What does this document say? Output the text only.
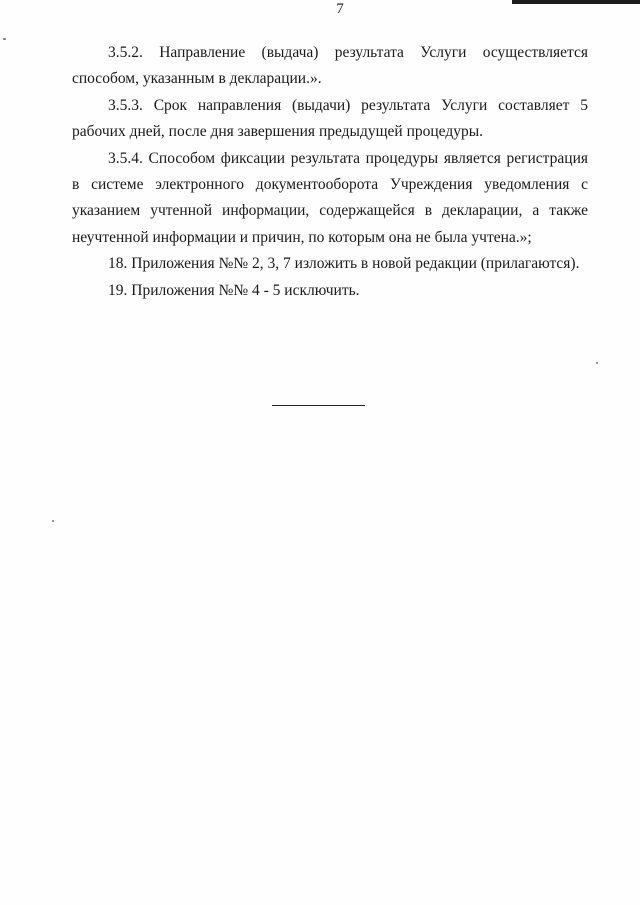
7

3.5.2. Направление (выдача) результата Услуги осуществляется способом, указанным в декларации.».

3.5.3. Срок направления (выдачи) результата Услуги составляет 5 рабочих дней, после дня завершения предыдущей процедуры.

3.5.4. Способом фиксации результата процедуры является регистрация в системе электронного документооборота Учреждения уведомления с указанием учтенной информации, содержащейся в декларации, а также неучтенной информации и причин, по которым она не была учтена.»;

18. Приложения №№ 2, 3, 7 изложить в новой редакции (прилагаются).

19. Приложения №№ 4 - 5 исключить.
